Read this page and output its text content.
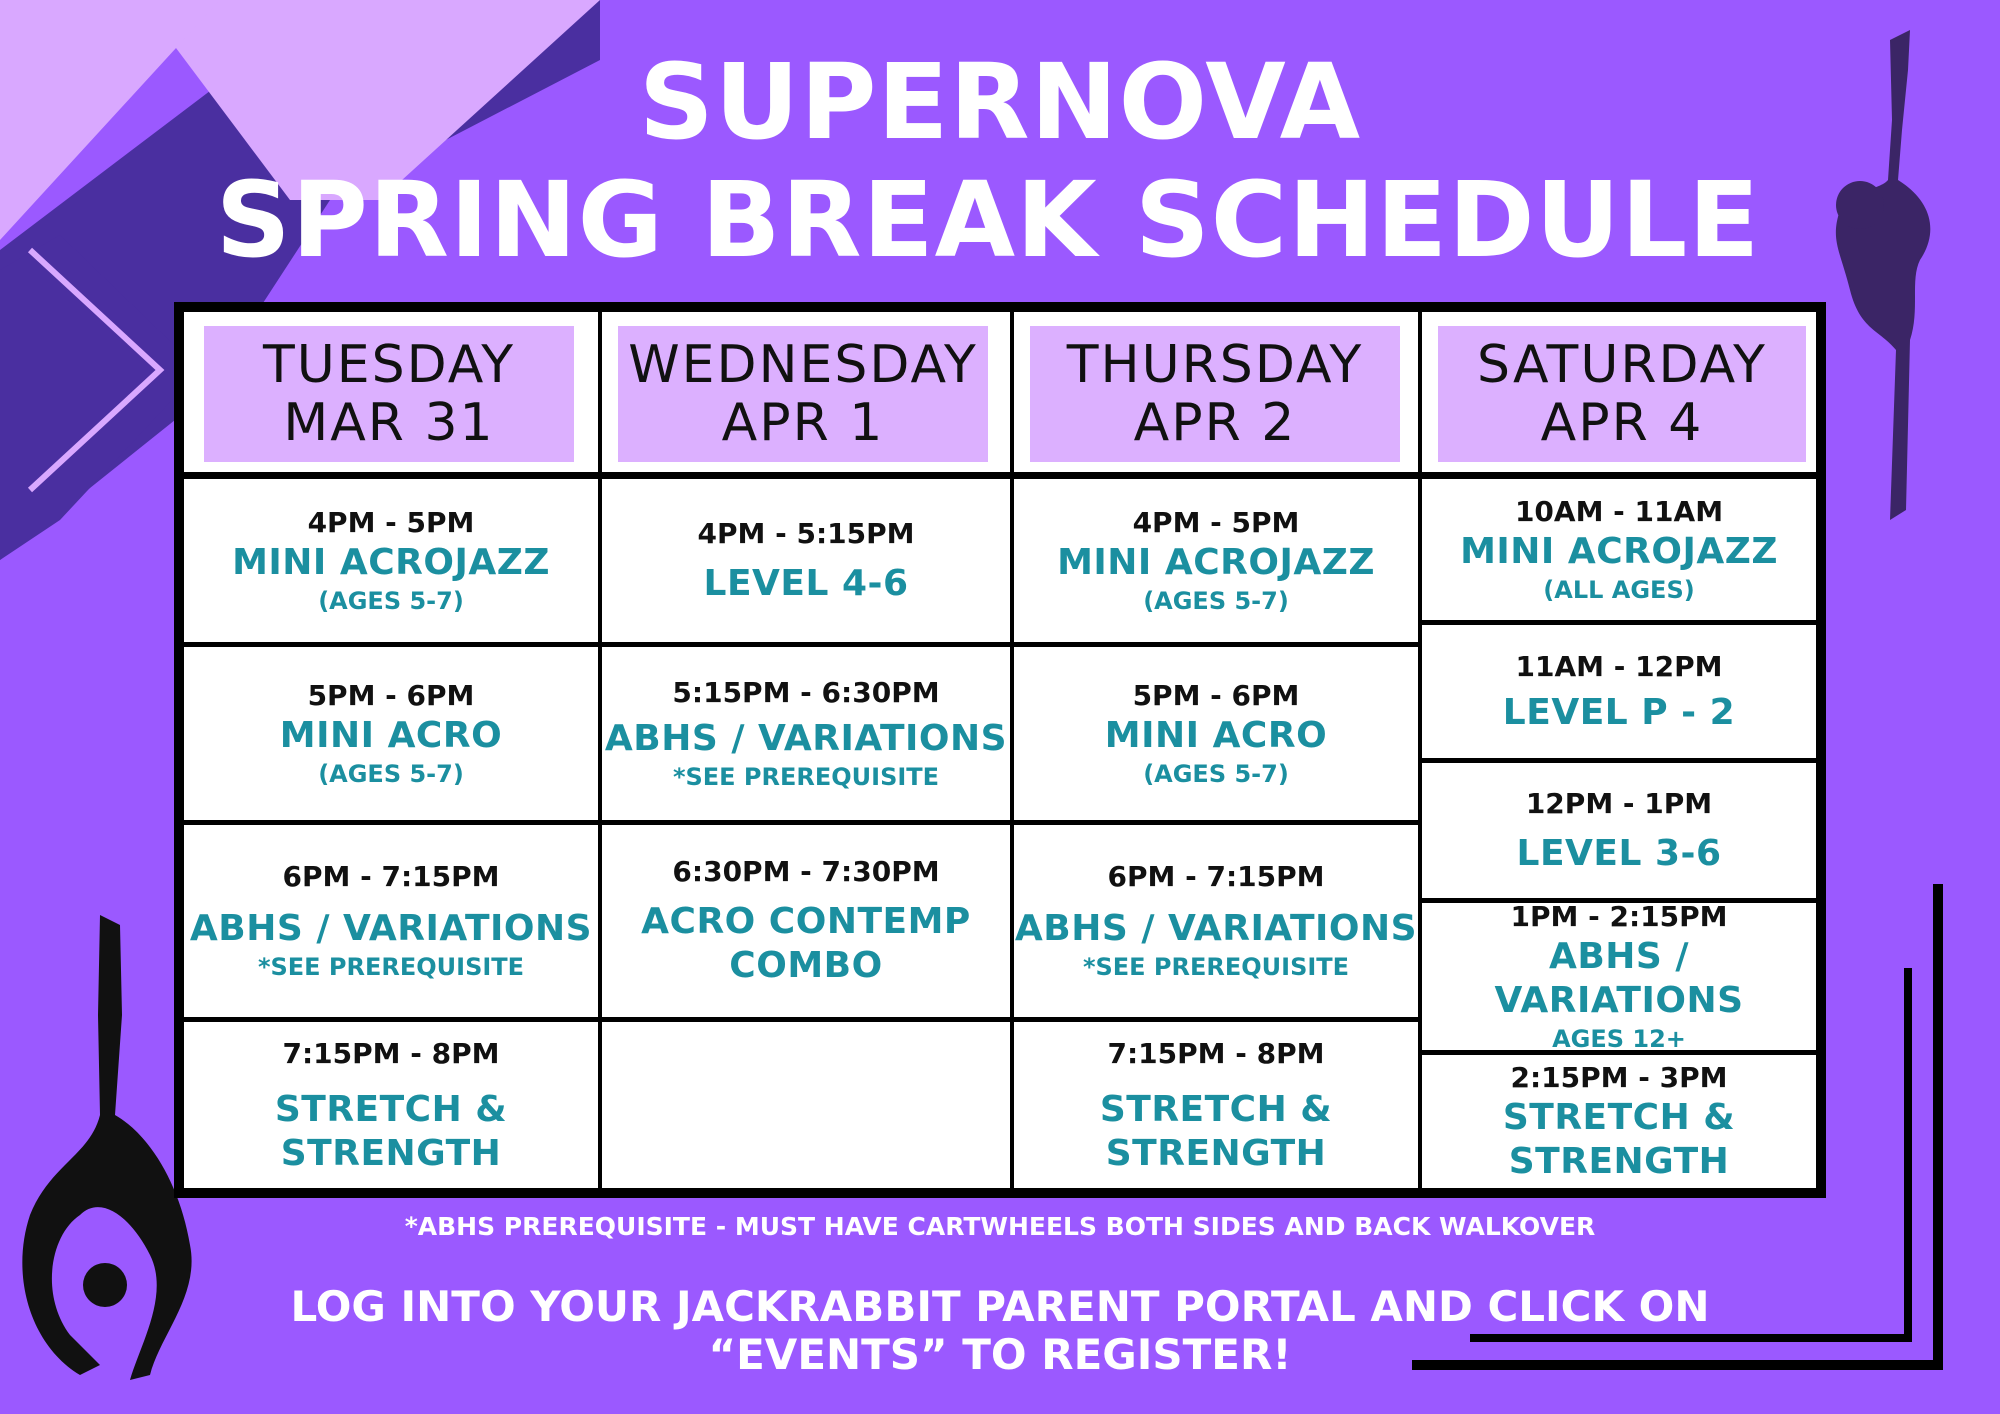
SUPERNOVA
SPRING BREAK SCHEDULE
TUESDAY
MAR 31
WEDNESDAY
APR 1
THURSDAY
APR 2
SATURDAY
APR 4
4PM - 5PM
MINI ACROJAZZ
(AGES 5-7)
5PM - 6PM
MINI ACRO
(AGES 5-7)
6PM - 7:15PM
ABHS / VARIATIONS
*SEE PREREQUISITE
7:15PM - 8PM
STRETCH & STRENGTH
4PM - 5:15PM
LEVEL 4-6
5:15PM - 6:30PM
ABHS / VARIATIONS
*SEE PREREQUISITE
6:30PM - 7:30PM
ACRO CONTEMP
COMBO
4PM - 5PM
MINI ACROJAZZ
(AGES 5-7)
5PM - 6PM
MINI ACRO
(AGES 5-7)
6PM - 7:15PM
ABHS / VARIATIONS
*SEE PREREQUISITE
7:15PM - 8PM
STRETCH & STRENGTH
10AM - 11AM
MINI ACROJAZZ
(ALL AGES)
11AM - 12PM
LEVEL P - 2
12PM - 1PM
LEVEL 3-6
1PM - 2:15PM
ABHS / VARIATIONS
AGES 12+
2:15PM - 3PM
STRETCH & STRENGTH
*ABHS PREREQUISITE - MUST HAVE CARTWHEELS BOTH SIDES AND BACK WALKOVER
LOG INTO YOUR JACKRABBIT PARENT PORTAL AND CLICK ON
“EVENTS” TO REGISTER!
